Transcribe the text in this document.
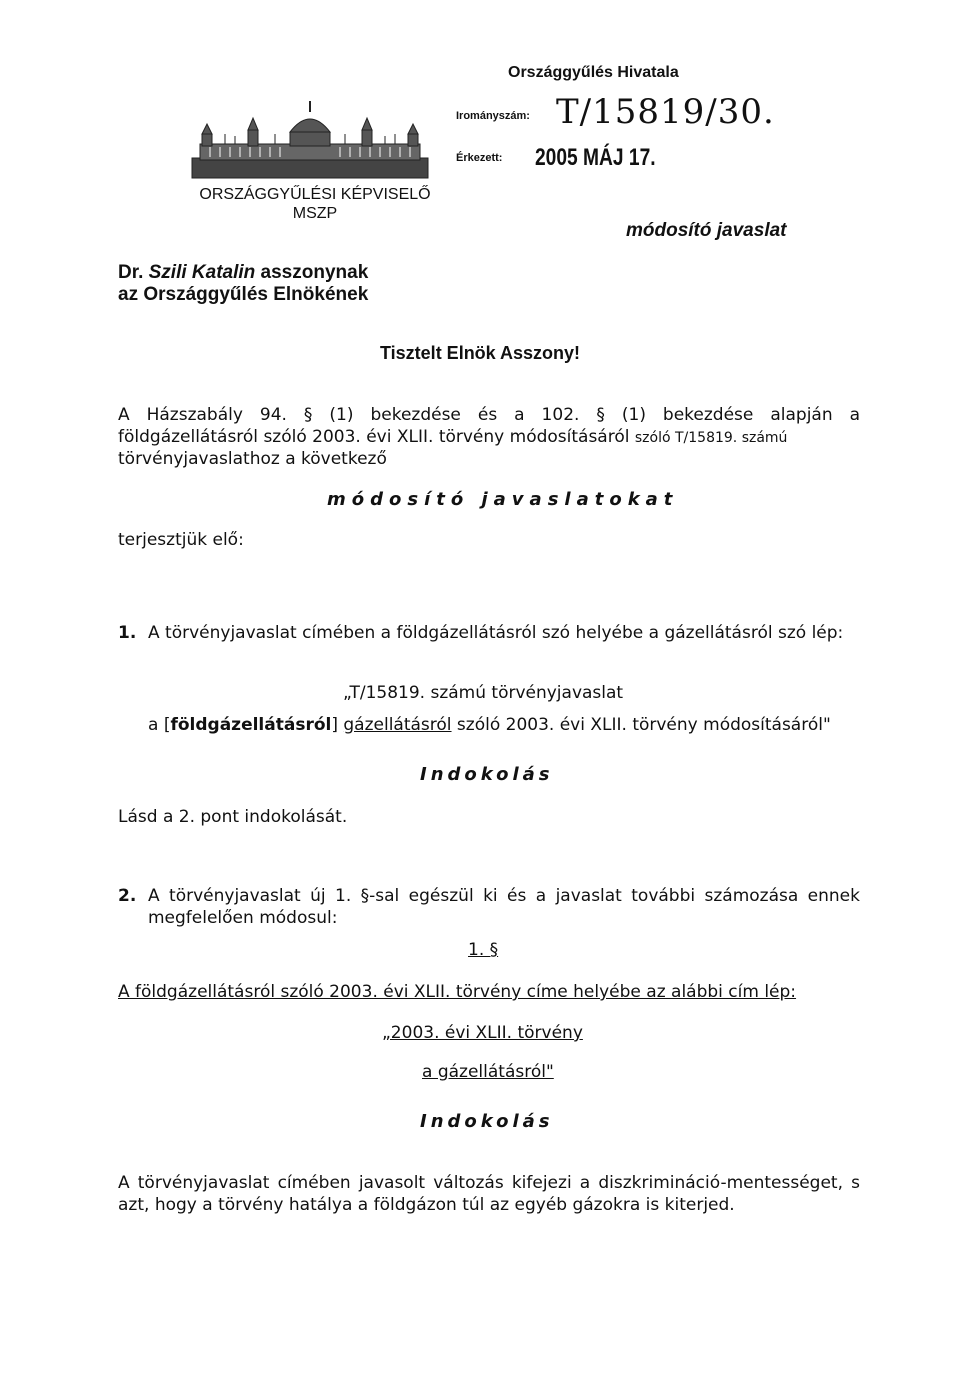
ORSZÁGGYŰLÉSI KÉPVISELŐ
MSZP
Országgyűlés Hivatala
Irományszám: T/15819/30.
Érkezett: 2005 MÁJ 17.
módosító javaslat
Dr. Szili Katalin asszonynak
az Országgyűlés Elnökének
Tisztelt Elnök Asszony!
A Házszabály 94. § (1) bekezdése és a 102. § (1) bekezdése alapján a
földgázellátásról szóló 2003. évi XLII. törvény módosításáról szóló T/15819. számú
törvényjavaslathoz a következő
módosító javaslatokat
terjesztjük elő:
1. A törvényjavaslat címében a földgázellátásról szó helyébe a gázellátásról szó lép:
„T/15819. számú törvényjavaslat
a [földgázellátásról] gázellátásról szóló 2003. évi XLII. törvény módosításáról"
Indokolás
Lásd a 2. pont indokolását.
2. A törvényjavaslat új 1. §-sal egészül ki és a javaslat további számozása ennek
megfelelően módosul:
1. §
A földgázellátásról szóló 2003. évi XLII. törvény címe helyébe az alábbi cím lép:
„2003. évi XLII. törvény
a gázellátásról"
Indokolás
A törvényjavaslat címében javasolt változás kifejezi a diszkrimináció-mentességet, s
azt, hogy a törvény hatálya a földgázon túl az egyéb gázokra is kiterjed.
